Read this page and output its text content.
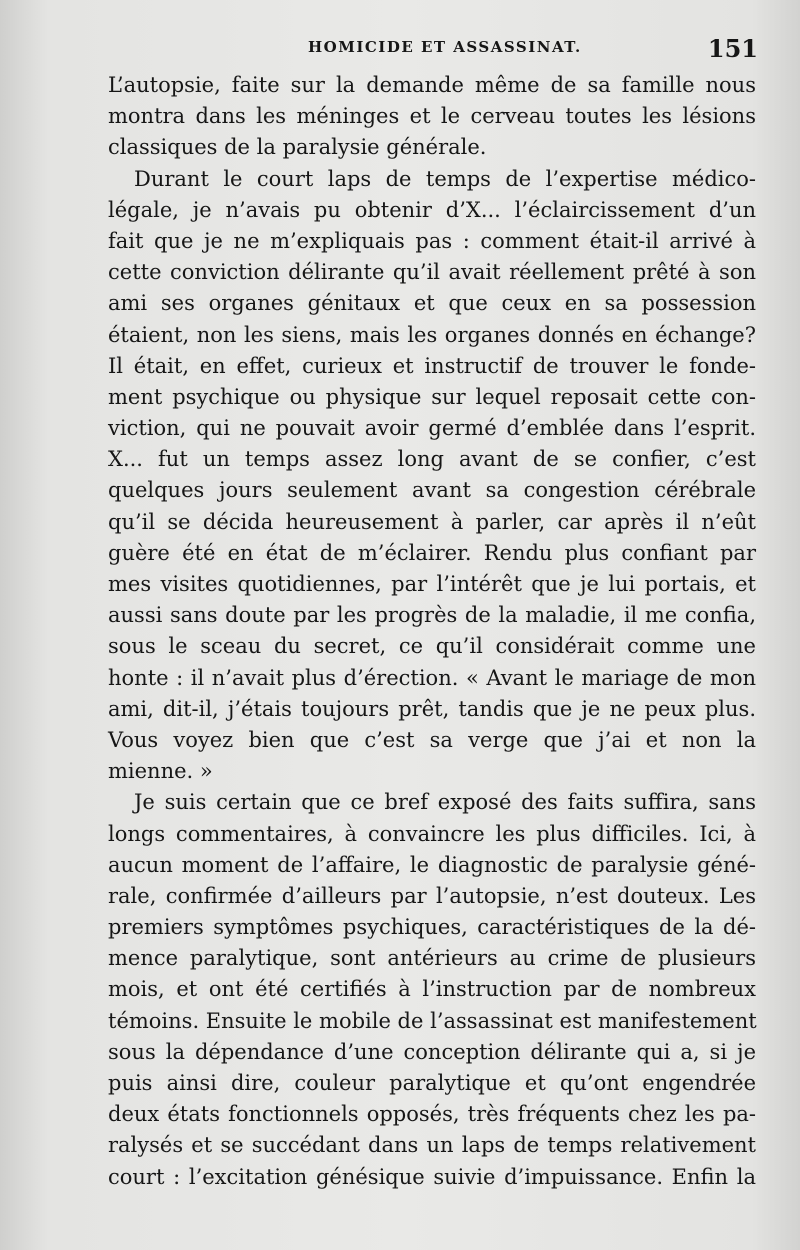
HOMICIDE ET ASSASSINAT.	151
L’autopsie, faite sur la demande même de sa famille nous
montra dans les méninges et le cerveau toutes les lésions
classiques de la paralysie générale.
Durant le court laps de temps de l’expertise médico-
légale, je n’avais pu obtenir d’X... l’éclaircissement d’un
fait que je ne m’expliquais pas : comment était-il arrivé à
cette conviction délirante qu’il avait réellement prêté à son
ami ses organes génitaux et que ceux en sa possession
étaient, non les siens, mais les organes donnés en échange?
Il était, en effet, curieux et instructif de trouver le fonde-
ment psychique ou physique sur lequel reposait cette con-
viction, qui ne pouvait avoir germé d’emblée dans l’esprit.
X... fut un temps assez long avant de se confier, c’est
quelques jours seulement avant sa congestion cérébrale
qu’il se décida heureusement à parler, car après il n’eût
guère été en état de m’éclairer. Rendu plus confiant par
mes visites quotidiennes, par l’intérêt que je lui portais, et
aussi sans doute par les progrès de la maladie, il me confia,
sous le sceau du secret, ce qu’il considérait comme une
honte : il n’avait plus d’érection. « Avant le mariage de mon
ami, dit-il, j’étais toujours prêt, tandis que je ne peux plus.
Vous voyez bien que c’est sa verge que j’ai et non la
mienne. »
Je suis certain que ce bref exposé des faits suffira, sans
longs commentaires, à convaincre les plus difficiles. Ici, à
aucun moment de l’affaire, le diagnostic de paralysie géné-
rale, confirmée d’ailleurs par l’autopsie, n’est douteux. Les
premiers symptômes psychiques, caractéristiques de la dé-
mence paralytique, sont antérieurs au crime de plusieurs
mois, et ont été certifiés à l’instruction par de nombreux
témoins. Ensuite le mobile de l’assassinat est manifestement
sous la dépendance d’une conception délirante qui a, si je
puis ainsi dire, couleur paralytique et qu’ont engendrée
deux états fonctionnels opposés, très fréquents chez les pa-
ralysés et se succédant dans un laps de temps relativement
court : l’excitation génésique suivie d’impuissance. Enfin la
